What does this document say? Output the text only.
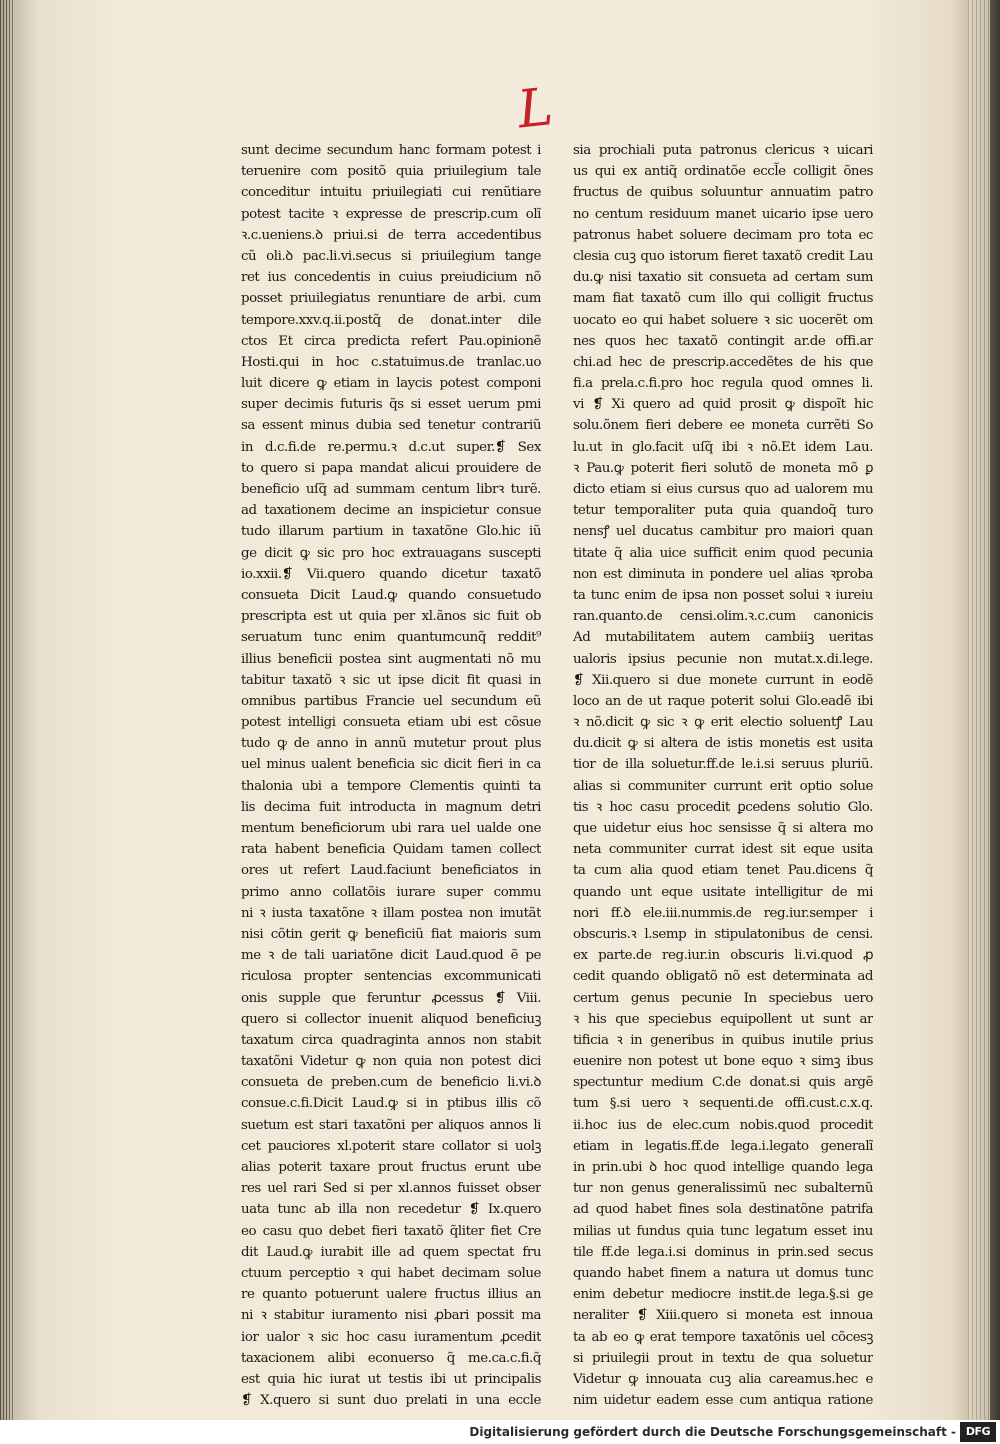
L
sunt decime secundum hanc formam potest i
teruenire com positõ quia priuilegium tale
conceditur intuitu priuilegiati cui renũtiare
potest tacite ꝛ expresse de prescrip.cum olĩ
ꝛ.c.ueniens.ꝺ priui.si de terra accedentibus
cũ oli.ꝺ pac.li.vi.secus si priuilegium tange
ret ius concedentis in cuius preiudicium nõ
posset priuilegiatus renuntiare de arbi. cum
tempore.xxv.q.ii.postq̃ de donat.inter dile
ctos Et circa predicta refert Pau.opinionẽ
Hosti.qui in hoc c.statuimus.de tranlac.uo
luit dicere ꝙ etiam in laycis potest componi
super decimis futuris q̃s si esset uerum pmi
sa essent minus dubia sed tenetur contrariũ
in d.c.fi.de re.permu.ꝛ d.c.ut super.❡ Sex
to quero si papa mandat alicui prouidere de
beneficio uſq̃ ad summam centum librꝛ turẽ.
ad taxationem decime an inspicietur consue
tudo illarum partium in taxatõne Glo.hic iũ
ge dicit ꝙ sic pro hoc extrauagans suscepti
io.xxii.❡ Vii.quero quando dicetur taxatõ
consueta Dicit Laud.ꝙ quando consuetudo
prescripta est ut quia per xl.ãnos sic fuit ob
seruatum tunc enim quantumcunq̃ reddit⁹
illius beneficii postea sint augmentati nõ mu
tabitur taxatõ ꝛ sic ut ipse dicit fit quasi in
omnibus partibus Francie uel secundum eũ
potest intelligi consueta etiam ubi est cõsue
tudo ꝙ de anno in annũ mutetur prout plus
uel minus ualent beneficia sic dicit fieri in ca
thalonia ubi a tempore Clementis quinti ta
lis decima fuit introducta in magnum detri
mentum beneficiorum ubi rara uel ualde one
rata habent beneficia Quidam tamen collect
ores ut refert Laud.faciunt beneficiatos in
primo anno collatõis iurare super commu
ni ꝛ iusta taxatõne ꝛ illam postea non imutãt
nisi cõtin gerit ꝙ beneficiũ fiat maioris sum
me ꝛ de tali uariatõne dicit Laud.quod ẽ pe
riculosa propter sentencias excommunicati
onis supple que feruntur ꝓcessus ❡ Viii.
quero si collector inuenit aliquod beneficiuꝫ
taxatum circa quadraginta annos non stabit
taxatõni Videtur ꝙ non quia non potest dici
consueta de preben.cum de beneficio li.vi.ꝺ
consue.c.fi.Dicit Laud.ꝙ si in ptibus illis cõ
suetum est stari taxatõni per aliquos annos li
cet pauciores xl.poterit stare collator si uolꝫ
alias poterit taxare prout fructus erunt ube
res uel rari Sed si per xl.annos fuisset obser
uata tunc ab illa non recedetur ❡ Ix.quero
eo casu quo debet fieri taxatõ q̃liter fiet Cre
dit Laud.ꝙ iurabit ille ad quem spectat fru
ctuum perceptio ꝛ qui habet decimam solue
re quanto potuerunt ualere fructus illius an
ni ꝛ stabitur iuramento nisi ꝓbari possit ma
ior ualor ꝛ sic hoc casu iuramentum ꝓcedit
taxacionem alibi econuerso q̃ me.ca.c.fi.q̃
est quia hic iurat ut testis ibi ut principalis
❡ X.quero si sunt duo prelati in una eccle
sia prochiali puta patronus clericus ꝛ uicari
us qui ex antiq̃ ordinatõe eccl̃e colligit õnes
fructus de quibus soluuntur annuatim patro
no centum residuum manet uicario ipse uero
patronus habet soluere decimam pro tota ec
clesia cuꝫ quo istorum fieret taxatõ credit Lau
du.ꝙ nisi taxatio sit consueta ad certam sum
mam fiat taxatõ cum illo qui colligit fructus
uocato eo qui habet soluere ꝛ sic uocerẽt om
nes quos hec taxatõ contingit ar.de offi.ar
chi.ad hec de prescrip.accedẽtes de his que
fi.a prela.c.fi.pro hoc regula quod omnes li.
vi ❡ Xi quero ad quid prosit ꝙ dispoĩt hic
solu.õnem fieri debere ee moneta currẽti So
lu.ut in glo.facit uſq̃ ibi ꝛ nõ.Et idem Lau.
ꝛ Pau.ꝙ poterit fieri solutõ de moneta mõ ꝑ
dicto etiam si eius cursus quo ad ualorem mu
tetur temporaliter puta quia quandoq̃ turo
nensꝭ uel ducatus cambitur pro maiori quan
titate q̃ alia uice sufficit enim quod pecunia
non est diminuta in pondere uel alias ꝛproba
ta tunc enim de ipsa non posset solui ꝛ iureiu
ran.quanto.de censi.olim.ꝛ.c.cum canonicis
Ad mutabilitatem autem cambiiꝫ ueritas
ualoris ipsius pecunie non mutat.x.di.lege.
❡ Xii.quero si due monete currunt in eodẽ
loco an de ut raque poterit solui Glo.eadẽ ibi
ꝛ nõ.dicit ꝙ sic ꝛ ꝙ erit electio soluentꝭ Lau
du.dicit ꝙ si altera de istis monetis est usita
tior de illa soluetur.ff.de le.i.si seruus pluriũ.
alias si communiter currunt erit optio solue
tis ꝛ hoc casu procedit ꝑcedens solutio Glo.
que uidetur eius hoc sensisse q̃ si altera mo
neta communiter currat idest sit eque usita
ta cum alia quod etiam tenet Pau.dicens q̃
quando unt eque usitate intelligitur de mi
nori ff.ꝺ ele.iii.nummis.de reg.iur.semper i
obscuris.ꝛ l.semp in stipulatonibus de censi.
ex parte.de reg.iur.in obscuris li.vi.quod ꝓ
cedit quando obligatõ nõ est determinata ad
certum genus pecunie In speciebus uero
ꝛ his que speciebus equipollent ut sunt ar
tificia ꝛ in generibus in quibus inutile prius
euenire non potest ut bone equo ꝛ simꝫ ibus
spectuntur medium C.de donat.si quis argẽ
tum §.si uero ꝛ sequenti.de offi.cust.c.x.q.
ii.hoc ius de elec.cum nobis.quod procedit
etiam in legatis.ff.de lega.i.legato generalĩ
in prin.ubi ꝺ hoc quod intellige quando lega
tur non genus generalissimũ nec subalternũ
ad quod habet fines sola destinatõne patrifa
milias ut fundus quia tunc legatum esset inu
tile ff.de lega.i.si dominus in prin.sed secus
quando habet finem a natura ut domus tunc
enim debetur mediocre instit.de lega.§.si ge
neraliter ❡ Xiii.quero si moneta est innoua
ta ab eo ꝙ erat tempore taxatõnis uel cõcesꝫ
si priuilegii prout in textu de qua soluetur
Videtur ꝙ innouata cuꝫ alia careamus.hec e
nim uidetur eadem esse cum antiqua ratione
Digitalisierung gefördert durch die Deutsche Forschungsgemeinschaft - DFG
